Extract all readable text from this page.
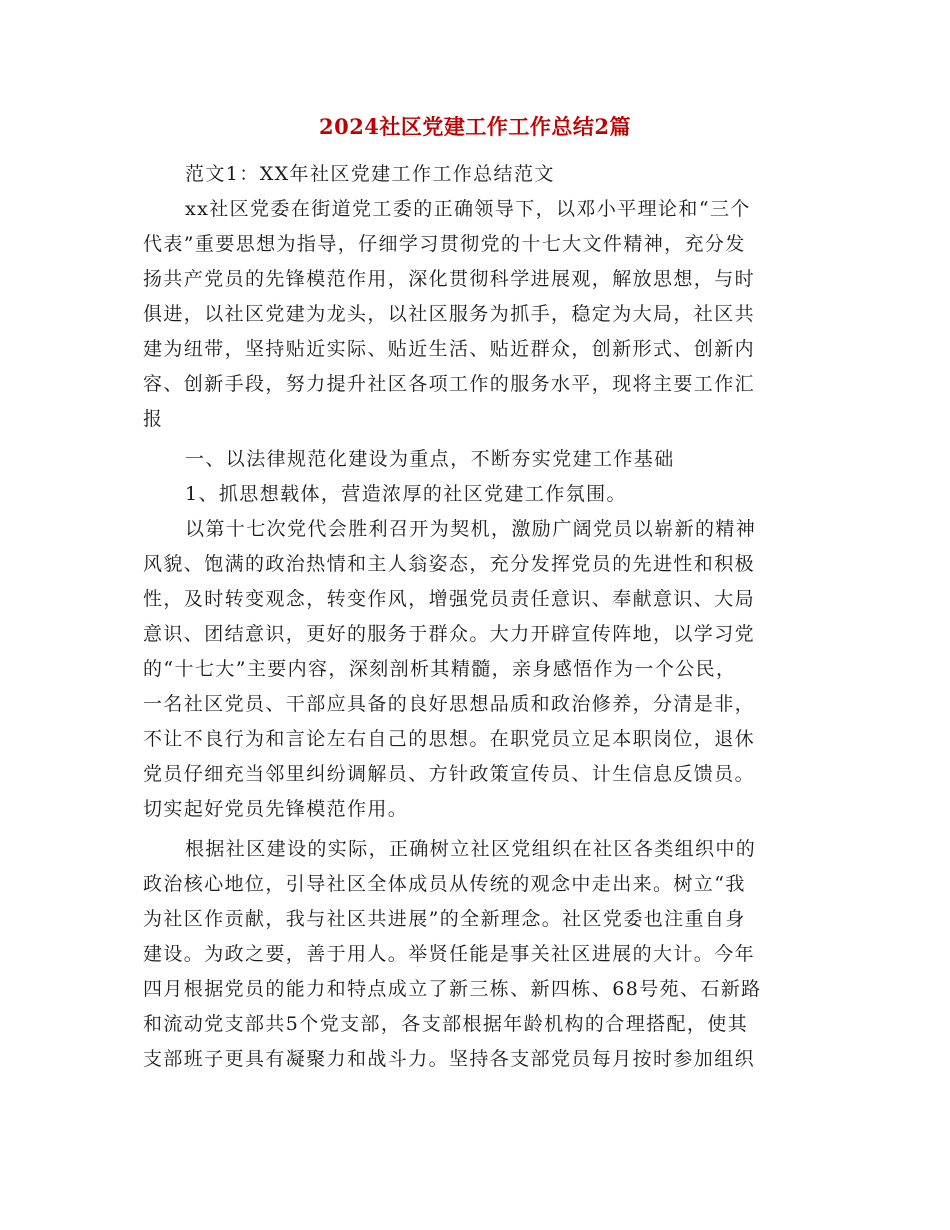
2024社区党建工作工作总结2篇
范文1：XX年社区党建工作工作总结范文
xx社区党委在街道党工委的正确领导下，以邓小平理论和“三个
代表”重要思想为指导，仔细学习贯彻党的十七大文件精神，充分发
扬共产党员的先锋模范作用，深化贯彻科学进展观，解放思想，与时
俱进，以社区党建为龙头，以社区服务为抓手，稳定为大局，社区共
建为纽带，坚持贴近实际、贴近生活、贴近群众，创新形式、创新内
容、创新手段，努力提升社区各项工作的服务水平，现将主要工作汇
报
一、以法律规范化建设为重点，不断夯实党建工作基础
1、抓思想载体，营造浓厚的社区党建工作氛围。
以第十七次党代会胜利召开为契机，激励广阔党员以崭新的精神
风貌、饱满的政治热情和主人翁姿态，充分发挥党员的先进性和积极
性，及时转变观念，转变作风，增强党员责任意识、奉献意识、大局
意识、团结意识，更好的服务于群众。大力开辟宣传阵地，以学习党
的“十七大”主要内容，深刻剖析其精髓，亲身感悟作为一个公民，
一名社区党员、干部应具备的良好思想品质和政治修养，分清是非，
不让不良行为和言论左右自己的思想。在职党员立足本职岗位，退休
党员仔细充当邻里纠纷调解员、方针政策宣传员、计生信息反馈员。
切实起好党员先锋模范作用。
根据社区建设的实际，正确树立社区党组织在社区各类组织中的
政治核心地位，引导社区全体成员从传统的观念中走出来。树立“我
为社区作贡献，我与社区共进展”的全新理念。社区党委也注重自身
建设。为政之要，善于用人。举贤任能是事关社区进展的大计。今年
四月根据党员的能力和特点成立了新三栋、新四栋、68号苑、石新路
和流动党支部共5个党支部，各支部根据年龄机构的合理搭配，使其
支部班子更具有凝聚力和战斗力。坚持各支部党员每月按时参加组织
